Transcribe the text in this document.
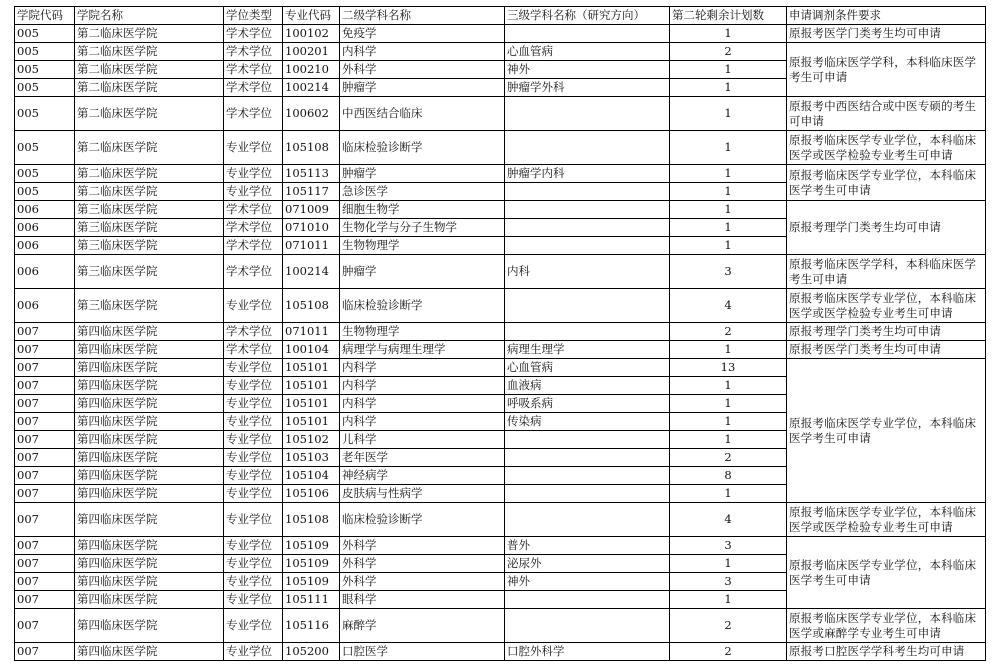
学院代码	学院名称	学位类型	专业代码	二级学科名称	三级学科名称（研究方向）	第二轮剩余计划数	申请调剂条件要求
005	第二临床医学院	学术学位	100102	免疫学		1	原报考医学门类考生均可申请
005	第二临床医学院	学术学位	100201	内科学	心血管病	2	原报考临床医学学科，本科临床医学考生可申请
005	第二临床医学院	学术学位	100210	外科学	神外	1	
005	第二临床医学院	学术学位	100214	肿瘤学	肿瘤学外科	1	
005	第二临床医学院	学术学位	100602	中西医结合临床		1	原报考中西医结合或中医专硕的考生可申请
005	第二临床医学院	专业学位	105108	临床检验诊断学		1	原报考临床医学专业学位，本科临床医学或医学检验专业考生可申请
005	第二临床医学院	专业学位	105113	肿瘤学	肿瘤学内科	1	原报考临床医学专业学位，本科临床医学考生可申请
005	第二临床医学院	专业学位	105117	急诊医学		1	
006	第三临床医学院	学术学位	071009	细胞生物学		1	原报考理学门类考生均可申请
006	第三临床医学院	学术学位	071010	生物化学与分子生物学		1	
006	第三临床医学院	学术学位	071011	生物物理学		1	
006	第三临床医学院	学术学位	100214	肿瘤学	内科	3	原报考临床医学学科，本科临床医学考生可申请
006	第三临床医学院	专业学位	105108	临床检验诊断学		4	原报考临床医学专业学位，本科临床医学或医学检验专业考生可申请
007	第四临床医学院	学术学位	071011	生物物理学		2	原报考理学门类考生均可申请
007	第四临床医学院	学术学位	100104	病理学与病理生理学	病理生理学	1	原报考医学门类考生均可申请
007	第四临床医学院	专业学位	105101	内科学	心血管病	13	原报考临床医学专业学位，本科临床医学考生可申请
007	第四临床医学院	专业学位	105101	内科学	血液病	1	
007	第四临床医学院	专业学位	105101	内科学	呼吸系病	1	
007	第四临床医学院	专业学位	105101	内科学	传染病	1	
007	第四临床医学院	专业学位	105102	儿科学		1	
007	第四临床医学院	专业学位	105103	老年医学		2	
007	第四临床医学院	专业学位	105104	神经病学		8	
007	第四临床医学院	专业学位	105106	皮肤病与性病学		1	
007	第四临床医学院	专业学位	105108	临床检验诊断学		4	原报考临床医学专业学位，本科临床医学或医学检验专业考生可申请
007	第四临床医学院	专业学位	105109	外科学	普外	3	原报考临床医学专业学位，本科临床医学考生可申请
007	第四临床医学院	专业学位	105109	外科学	泌尿外	1	
007	第四临床医学院	专业学位	105109	外科学	神外	3	
007	第四临床医学院	专业学位	105111	眼科学		1	
007	第四临床医学院	专业学位	105116	麻醉学		2	原报考临床医学专业学位，本科临床医学或麻醉学专业考生可申请
007	第四临床医学院	专业学位	105200	口腔医学	口腔外科学	2	原报考口腔医学学科考生均可申请
